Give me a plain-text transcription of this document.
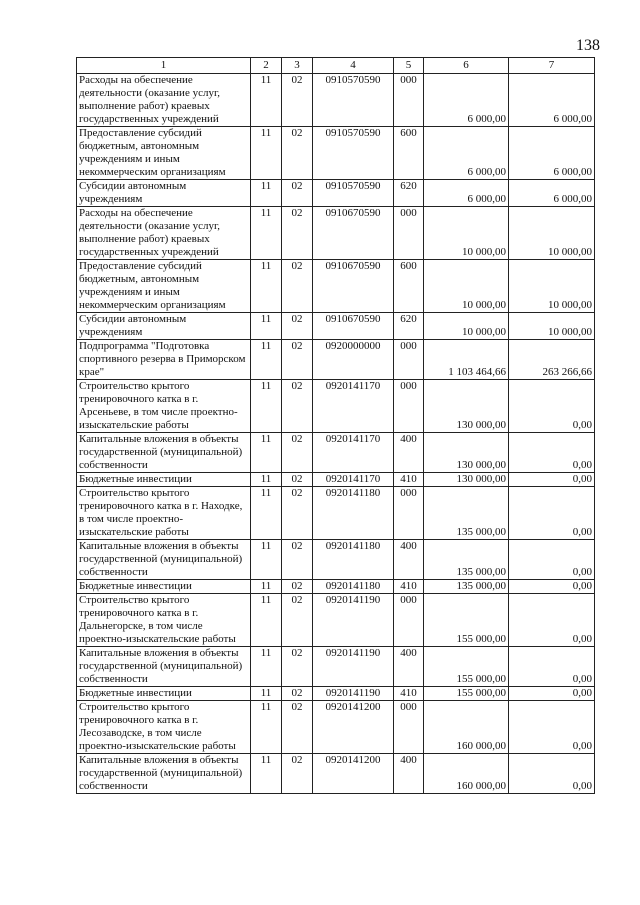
138
1	2	3	4	5	6	7
Расходы на обеспечение деятельности (оказание услуг, выполнение работ) краевых государственных учреждений	11	02	0910570590	000	6 000,00	6 000,00
Предоставление субсидий бюджетным, автономным учреждениям и иным некоммерческим организациям	11	02	0910570590	600	6 000,00	6 000,00
Субсидии автономным учреждениям	11	02	0910570590	620	6 000,00	6 000,00
Расходы на обеспечение деятельности (оказание услуг, выполнение работ) краевых государственных учреждений	11	02	0910670590	000	10 000,00	10 000,00
Предоставление субсидий бюджетным, автономным учреждениям и иным некоммерческим организациям	11	02	0910670590	600	10 000,00	10 000,00
Субсидии автономным учреждениям	11	02	0910670590	620	10 000,00	10 000,00
Подпрограмма "Подготовка спортивного резерва в Приморском крае"	11	02	0920000000	000	1 103 464,66	263 266,66
Строительство крытого тренировочного катка в г. Арсеньеве, в том числе проектно-изыскательские работы	11	02	0920141170	000	130 000,00	0,00
Капитальные вложения в объекты государственной (муниципальной) собственности	11	02	0920141170	400	130 000,00	0,00
Бюджетные инвестиции	11	02	0920141170	410	130 000,00	0,00
Строительство крытого тренировочного катка в г. Находке, в том числе проектно-изыскательские работы	11	02	0920141180	000	135 000,00	0,00
Капитальные вложения в объекты государственной (муниципальной) собственности	11	02	0920141180	400	135 000,00	0,00
Бюджетные инвестиции	11	02	0920141180	410	135 000,00	0,00
Строительство крытого тренировочного катка в г. Дальнегорске, в том числе проектно-изыскательские работы	11	02	0920141190	000	155 000,00	0,00
Капитальные вложения в объекты государственной (муниципальной) собственности	11	02	0920141190	400	155 000,00	0,00
Бюджетные инвестиции	11	02	0920141190	410	155 000,00	0,00
Строительство крытого тренировочного катка в г. Лесозаводске, в том числе проектно-изыскательские работы	11	02	0920141200	000	160 000,00	0,00
Капитальные вложения в объекты государственной (муниципальной) собственности	11	02	0920141200	400	160 000,00	0,00
